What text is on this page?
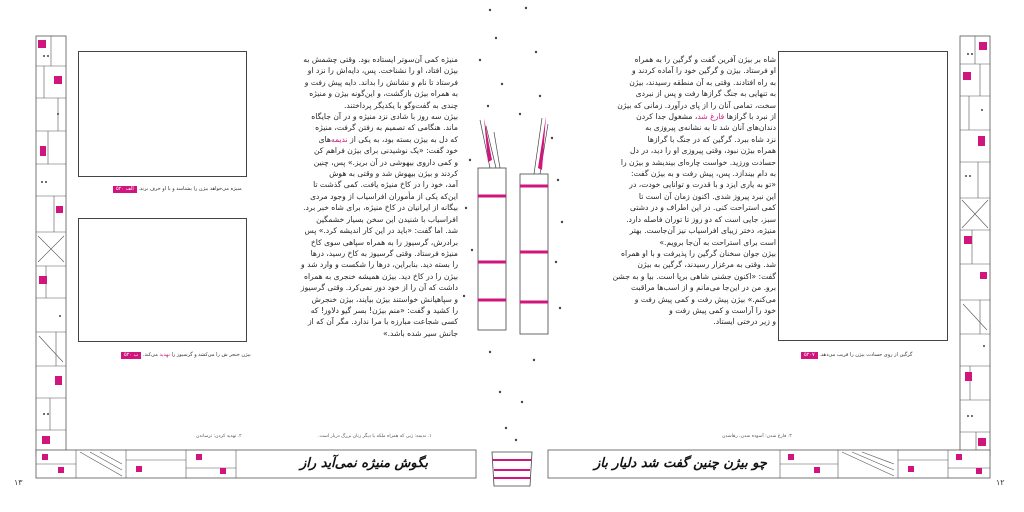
منیژه می‌خواهد بیژن را بشناسد و با او حرف بزند. الف ۵۲۰
بیژن خنجر ش را می‌کشد و گرسیوز را تهدید می‌کند. ب ۵۲۰
منیژه کمی آن‌سوتر ایستاده بود. وقتی چشمش به
بیژن افتاد، او را نشناخت. پس، دایه‌اش را نزد او
فرستاد تا نام و نشانش را بداند. دایه پیش رفت و
به همراه بیژن بازگشت، و این‌گونه بیژن و منیژه
چندی به گفت‌وگو با یکدیگر پرداختند.
بیژن سه روز با شادی نزد منیژه و در آن جایگاه
ماند. هنگامی که تصمیم به رفتن گرفت، منیژه
که دل به بیژن بسته بود، به یکی از ندیمه‌های
خود گفت: «یک نوشیدنی برای بیژن فراهم کن
و کمی داروی بیهوشی در آن بریز.» پس، چنین
کردند و بیژن بیهوش شد و وقتی به هوش
آمد، خود را در کاخ منیژه یافت. کمی گذشت تا
این‌که یکی از مأموران افراسیاب از وجود مردی
بیگانه از ایرانیان در کاخ منیژه، برای شاه خبر برد.
افراسیاب با شنیدن این سخن بسیار خشمگین
شد. اما گفت: «باید در این کار اندیشه کرد.» پس
برادرش، گرسیوز را به همراه سپاهی سوی کاخ
منیژه فرستاد. وقتی گرسیوز به کاخ رسید، درها
را بسته دید. بنابراین، درها را شکست و وارد شد و
بیژن را در کاخ دید. بیژن همیشه خنجری به همراه
داشت که آن را از خود دور نمی‌کرد. وقتی گرسیوز
و سپاهیانش خواستند بیژن بیایند، بیژن خنجرش
را کشید و گفت: «منم بیژن! بسر گیو دلاور! که
کسی شجاعت مبارزه با مرا ندارد. مگر آن که از
جانش سیر شده باشد.»
۱. ندیمه: زنی که همراه ملکه یا دیگر زنان بزرگ دربار است.
۲. تهدید کردن: ترساندن
بگوش منیژه نمی‌آید راز
۱۳
شاه بر بیژن آفرین گفت و گرگین را به همراه
او فرستاد. بیژن و گرگین خود را آماده کردند و
به راه افتادند. وقتی به آن منطقه رسیدند، بیژن
به تنهایی به جنگ گرازها رفت و پس از نبردی
سخت، تمامی آنان را از پای درآورد. زمانی که بیژن
از نبرد با گرازها فارغ شد، مشغول جدا کردن
دندان‌های آنان شد تا به نشانه‌ی پیروزی به
نزد شاه ببرد. گرگین که در جنگ با گرازها
همراه بیژن نبود، وقتی پیروزی او را دید، در دل
حسادت ورزید. خواست چاره‌ای بیندیشد و بیژن را
به دام بیندازد. پس، پیش رفت و به بیژن گفت:
«تو به یاری ایزد و با قدرت و توانایی خودت، در
این نبرد پیروز شدی. اکنون زمان آن است تا
کمی استراحت کنی. در این اطراف و در دشتی
سبز، جایی است که دو روز تا توران فاصله دارد.
منیژه، دختر زیبای افراسیاب نیز آن‌جاست. بهتر
است برای استراحت به آن‌جا برویم.»
بیژن جوان سخنان گرگین را پذیرفت و با او همراه
شد. وقتی به مرغزار رسیدند، گرگین به بیژن
گفت: «اکنون جشنی شاهی برپا است. بیا و به جشن
برو. من در این‌جا می‌مانم و از اسب‌ها مراقبت
می‌کنم.» بیژن پیش رفت و کمی پیش رفت و
خود را آراست و کمی پیش رفت و
و زیر درختی ایستاد.
گرگین از روی حسادت بیژن را فریب می‌دهد. ۵۲۰۷
۳. فارغ شدن: آسوده شدن، رهاشدن
چو بیژن چنین گفت شد دلیار باز
۱۲
